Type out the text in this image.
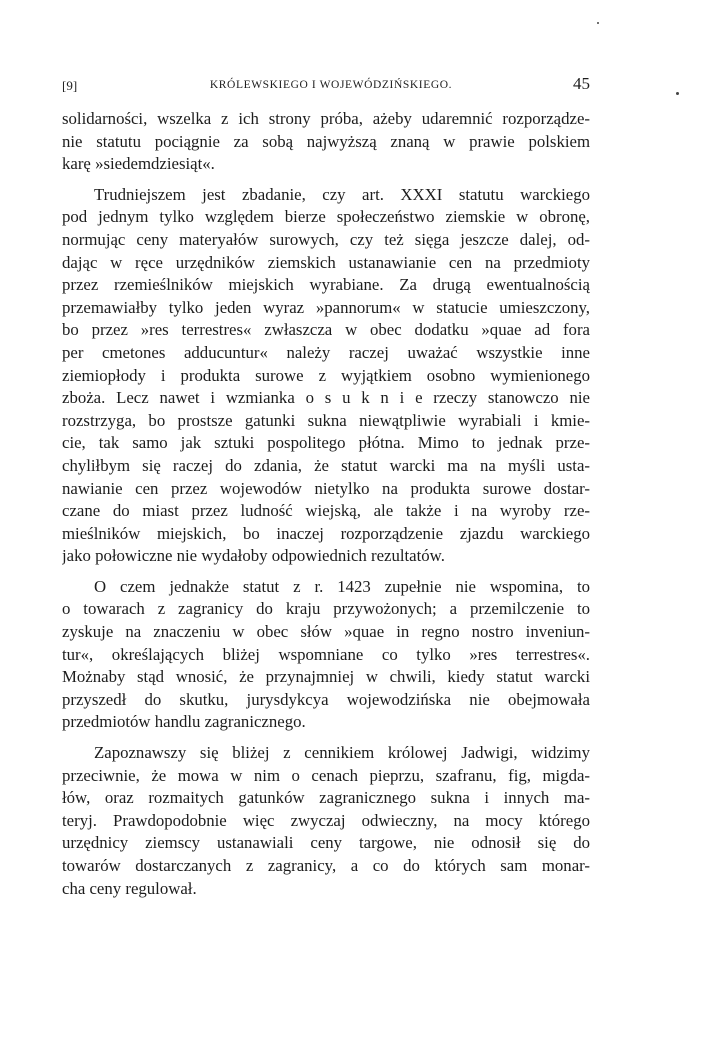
[9]	KRÓLEWSKIEGO I WOJEWÓDZIŃSKIEGO.	45

solidarności, wszelka z ich strony próba, ażeby udaremnić rozporządze-
nie statutu pociągnie za sobą najwyższą znaną w prawie polskiem
karę »siedemdziesiąt«.

Trudniejszem jest zbadanie, czy art. XXXI statutu warckiego
pod jednym tylko względem bierze społeczeństwo ziemskie w obronę,
normując ceny materyałów surowych, czy też sięga jeszcze dalej, od-
dając w ręce urzędników ziemskich ustanawianie cen na przedmioty
przez rzemieślników miejskich wyrabiane. Za drugą ewentualnością
przemawiałby tylko jeden wyraz »pannorum« w statucie umieszczony,
bo przez »res terrestres« zwłaszcza w obec dodatku »quae ad fora
per cmetones adducuntur« należy raczej uważać wszystkie inne
ziemiopłody i produkta surowe z wyjątkiem osobno wymienionego
zboża. Lecz nawet i wzmianka o s u k n i e rzeczy stanowczo nie
rozstrzyga, bo prostsze gatunki sukna niewątpliwie wyrabiali i kmie-
cie, tak samo jak sztuki pospolitego płótna. Mimo to jednak prze-
chyliłbym się raczej do zdania, że statut warcki ma na myśli usta-
nawianie cen przez wojewodów nietylko na produkta surowe dostar-
czane do miast przez ludność wiejską, ale także i na wyroby rze-
mieślników miejskich, bo inaczej rozporządzenie zjazdu warckiego
jako połowiczne nie wydałoby odpowiednich rezultatów.

O czem jednakże statut z r. 1423 zupełnie nie wspomina, to
o towarach z zagranicy do kraju przywożonych; a przemilczenie to
zyskuje na znaczeniu w obec słów »quae in regno nostro inveniun-
tur«, określających bliżej wspomniane co tylko »res terrestres«.
Możnaby stąd wnosić, że przynajmniej w chwili, kiedy statut warcki
przyszedł do skutku, jurysdykcya wojewodzińska nie obejmowała
przedmiotów handlu zagranicznego.

Zapoznawszy się bliżej z cennikiem królowej Jadwigi, widzimy
przeciwnie, że mowa w nim o cenach pieprzu, szafranu, fig, migda-
łów, oraz rozmaitych gatunków zagranicznego sukna i innych ma-
teryj. Prawdopodobnie więc zwyczaj odwieczny, na mocy którego
urzędnicy ziemscy ustanawiali ceny targowe, nie odnosił się do
towarów dostarczanych z zagranicy, a co do których sam monar-
cha ceny regulował.
